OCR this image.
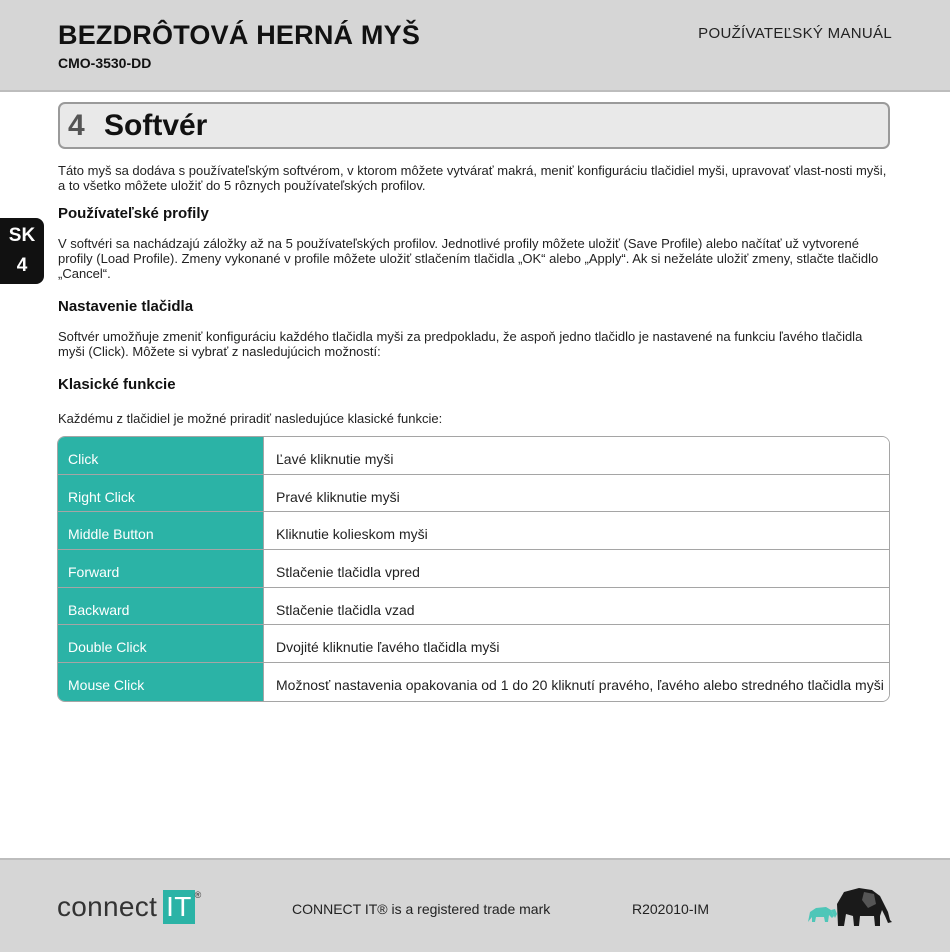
BEZDRÔTOVÁ HERNÁ MYŠ
CMO-3530-DD
POUŽÍVATEĽSKÝ MANUÁL
SK
4
4 Softvér
Táto myš sa dodáva s používateľským softvérom, v ktorom môžete vytvárať makrá, meniť konfiguráciu tlačidiel myši, upravovať vlast-nosti myši, a to všetko môžete uložiť do 5 rôznych používateľských profilov.
Používateľské profily
V softvéri sa nachádzajú záložky až na 5 používateľských profilov. Jednotlivé profily môžete uložiť (Save Profile) alebo načítať už vytvorené profily (Load Profile). Zmeny vykonané v profile môžete uložiť stlačením tlačidla „OK“ alebo „Apply“. Ak si neželáte uložiť zmeny, stlačte tlačidlo „Cancel“.
Nastavenie tlačidla
Softvér umožňuje zmeniť konfiguráciu každého tlačidla myši za predpokladu, že aspoň jedno tlačidlo je nastavené na funkciu ľavého tlačidla myši (Click). Môžete si vybrať z nasledujúcich možností:
Klasické funkcie
Každému z tlačidiel je možné priradiť nasledujúce klasické funkcie:
Click	Ľavé kliknutie myši
Right Click	Pravé kliknutie myši
Middle Button	Kliknutie kolieskom myši
Forward	Stlačenie tlačidla vpred
Backward	Stlačenie tlačidla vzad
Double Click	Dvojité kliknutie ľavého tlačidla myši
Mouse Click	Možnosť nastavenia opakovania od 1 do 20 kliknutí pravého, ľavého alebo stredného tlačidla myši
connect IT ®
CONNECT IT® is a registered trade mark	R202010-IM
